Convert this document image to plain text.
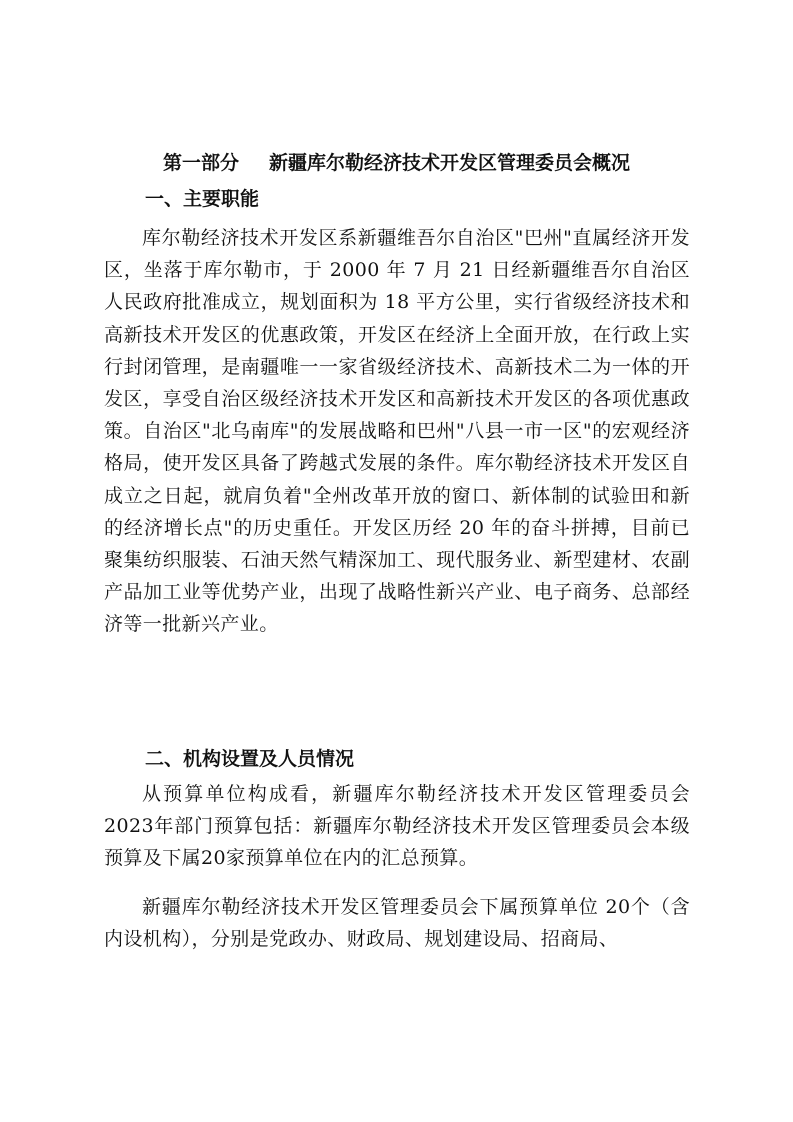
第一部分 新疆库尔勒经济技术开发区管理委员会概况
一、主要职能

库尔勒经济技术开发区系新疆维吾尔自治区"巴州"直属经济开发区，坐落于库尔勒市，于 2000 年 7 月 21 日经新疆维吾尔自治区人民政府批准成立，规划面积为 18 平方公里，实行省级经济技术和高新技术开发区的优惠政策，开发区在经济上全面开放，在行政上实行封闭管理，是南疆唯一一家省级经济技术、高新技术二为一体的开发区，享受自治区级经济技术开发区和高新技术开发区的各项优惠政策。自治区"北乌南库"的发展战略和巴州"八县一市一区"的宏观经济格局，使开发区具备了跨越式发展的条件。库尔勒经济技术开发区自成立之日起，就肩负着"全州改革开放的窗口、新体制的试验田和新的经济增长点"的历史重任。开发区历经 20 年的奋斗拼搏，目前已聚集纺织服装、石油天然气精深加工、现代服务业、新型建材、农副产品加工业等优势产业，出现了战略性新兴产业、电子商务、总部经济等一批新兴产业。

二、机构设置及人员情况

从预算单位构成看，新疆库尔勒经济技术开发区管理委员会2023年部门预算包括：新疆库尔勒经济技术开发区管理委员会本级预算及下属20家预算单位在内的汇总预算。

新疆库尔勒经济技术开发区管理委员会下属预算单位 20个（含内设机构），分别是党政办、财政局、规划建设局、招商局、
